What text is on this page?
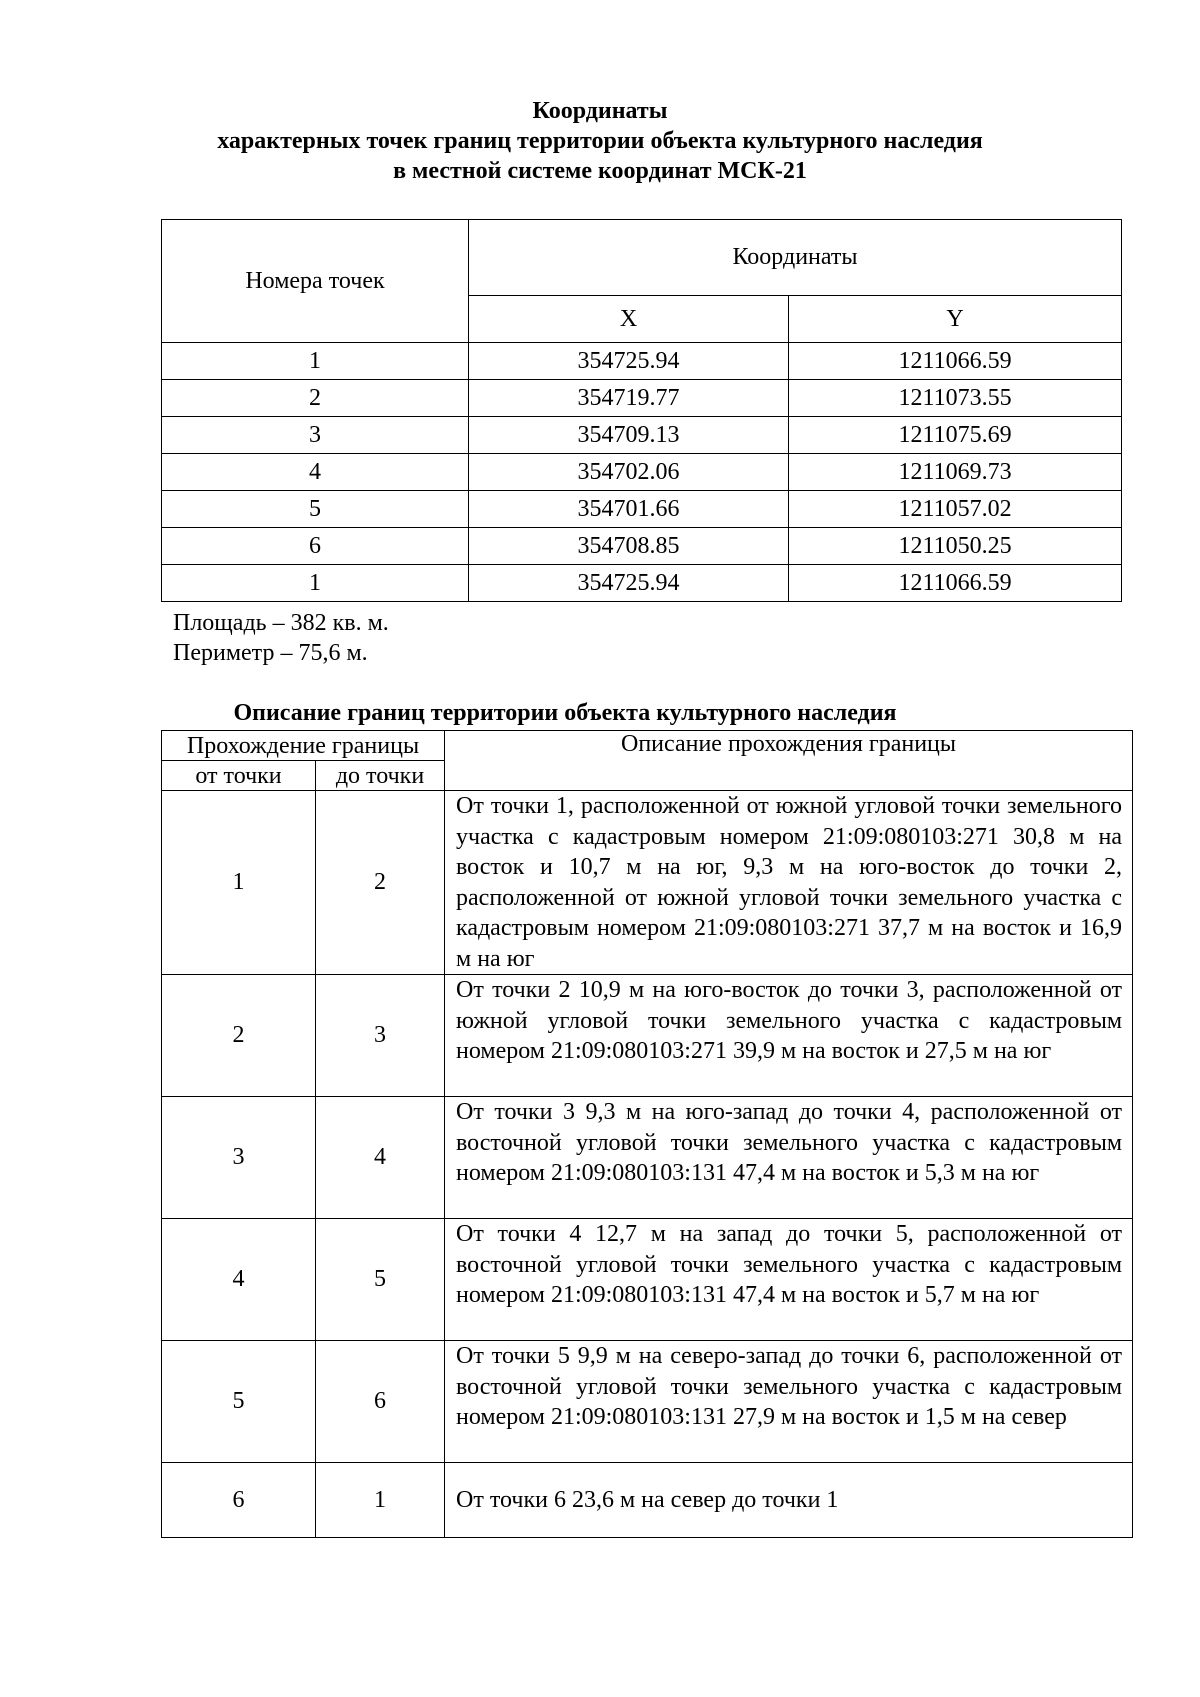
Координаты
характерных точек границ территории объекта культурного наследия
в местной системе координат МСК-21
Номера точек	Координаты	
	X	Y
1	354725.94	1211066.59
2	354719.77	1211073.55
3	354709.13	1211075.69
4	354702.06	1211069.73
5	354701.66	1211057.02
6	354708.85	1211050.25
1	354725.94	1211066.59
Площадь – 382 кв. м.
Периметр – 75,6 м.
Описание границ территории объекта культурного наследия
Прохождение границы		Описание прохождения границы
от точки	до точки	
1	2	От точки 1, расположенной от южной угловой точки земельного участка с кадастровым номером 21:09:080103:271 30,8 м на восток и 10,7 м на юг, 9,3 м на юго-восток до точки 2, расположенной от южной угловой точки земельного участка с кадастровым номером 21:09:080103:271 37,7 м на восток и 16,9 м на юг
2	3	От точки 2 10,9 м на юго-восток до точки 3, расположенной от южной угловой точки земельного участка с кадастровым номером 21:09:080103:271 39,9 м на восток и 27,5 м на юг
3	4	От точки 3 9,3 м на юго-запад до точки 4, расположенной от восточной угловой точки земельного участка с кадастровым номером 21:09:080103:131 47,4 м на восток и 5,3 м на юг
4	5	От точки 4 12,7 м на запад до точки 5, расположенной от восточной угловой точки земельного участка с кадастровым номером 21:09:080103:131 47,4 м на восток и 5,7 м на юг
5	6	От точки 5 9,9 м на северо-запад до точки 6, расположенной от восточной угловой точки земельного участка с кадастровым номером 21:09:080103:131 27,9 м на восток и 1,5 м на север
6	1	От точки 6 23,6 м на север до точки 1
